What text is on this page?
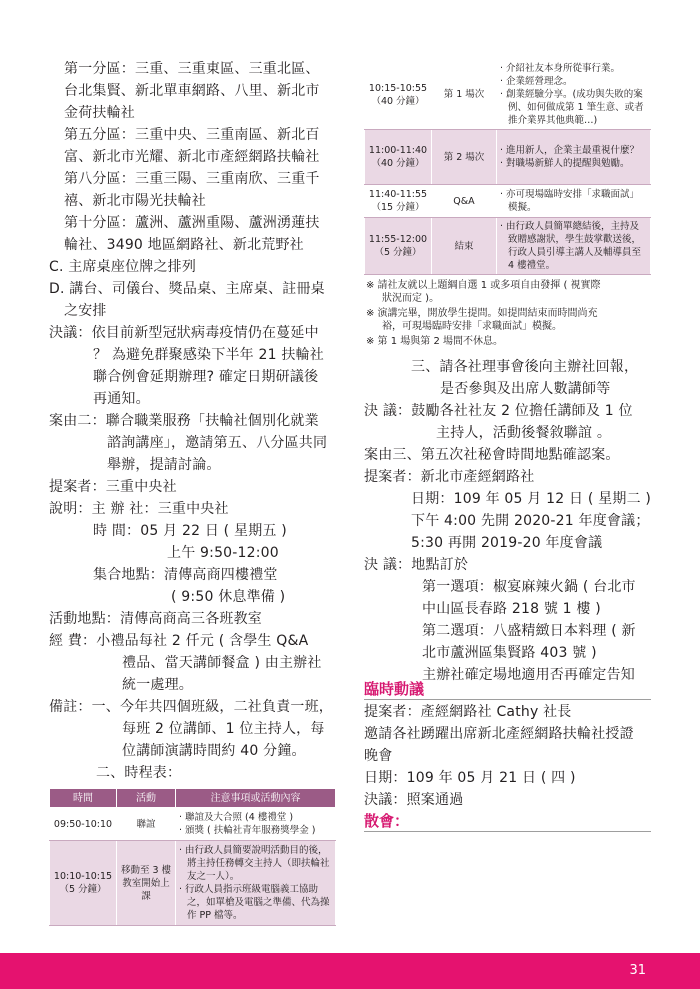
第一分區：三重、三重東區、三重北區、
台北集賢、新北單車網路、八里、新北市
金荷扶輪社
第五分區：三重中央、三重南區、新北百
富、新北市光耀、新北市產經網路扶輪社
第八分區：三重三陽、三重南欣、三重千
禧、新北市陽光扶輪社
第十分區：蘆洲、蘆洲重陽、蘆洲湧蓮扶
輪社、3490 地區網路社、新北荒野社
C. 主席桌座位牌之排列
D. 講台、司儀台、獎品桌、主席桌、註冊桌
之安排
決議：依目前新型冠狀病毒疫情仍在蔓延中
？ 為避免群聚感染下半年 21 扶輪社
聯合例會延期辦理? 確定日期研議後
再通知。
案由二：聯合職業服務「扶輪社個別化就業
諮詢講座」，邀請第五、八分區共同
舉辦，提請討論。
提案者：三重中央社
說明：主 辦 社：三重中央社
時 間：05 月 22 日 ( 星期五 )
上午 9:50-12:00
集合地點：清傳高商四樓禮堂
( 9:50 休息準備 )
活動地點：清傳高商高三各班教室
經 費：小禮品每社 2 仟元 ( 含學生 Q&A
禮品、當天講師餐盒 ) 由主辦社
統一處理。
備註：一、今年共四個班級，二社負責一班，
每班 2 位講師、1 位主持人，每
位講師演講時間約 40 分鐘。
二、時程表：
時間	活動	注意事項或活動內容
09:50-10:10	聯誼	· 聯誼及大合照 (4 樓禮堂 )
· 頒獎 ( 扶輪社青年服務獎學金 )

10:10-10:15
（5 分鐘）	移動至 3 樓
教室開始上課	· 由行政人員簡要說明活動目的後，將主持任務轉交主持人（即扶輪社友之一人）。
· 行政人員指示班級電腦義工協助之，如單槍及電腦之準備、代為操作 PP 檔等。
10:15-10:55
（40 分鐘）	第 1 場次	· 介紹社友本身所從事行業。
· 企業經營理念。
· 創業經驗分享。(成功與失敗的案例、如何做成第 1 筆生意、或者推介業界其他典範…)

11:00-11:40
（40 分鐘）	第 2 場次	· 進用新人，企業主最重視什麼？
· 對職場新鮮人的提醒與勉勵。

11:40-11:55
（15 分鐘）	Q&A	· 亦可現場臨時安排「求職面試」模擬。

11:55-12:00
（5 分鐘）	結束	· 由行政人員簡單總結後，主持及致贈感謝狀，學生鼓掌歡送後，行政人員引導主講人及輔導員至 4 樓禮堂。
※ 請社友就以上題綱自選 1 或多項自由發揮 ( 視實際
狀況而定 )。
※ 演講完畢，開放學生提問。如提問結束而時間尚充
裕，可現場臨時安排「求職面試」模擬。
※ 第 1 場與第 2 場間不休息。
三、請各社理事會後向主辦社回報，
是否參與及出席人數講師等
決 議：鼓勵各社社友 2 位擔任講師及 1 位
主持人，活動後餐敘聯誼 。
案由三、第五次社秘會時間地點確認案。
提案者：新北市產經網路社
日期：109 年 05 月 12 日 ( 星期二 )
下午 4:00 先開 2020-21 年度會議；
5:30 再開 2019-20 年度會議
決 議：地點訂於
第一選項：椒宴麻辣火鍋 ( 台北市
中山區長春路 218 號 1 樓 )
第二選項：八盛精緻日本料理 ( 新
北市蘆洲區集賢路 403 號 )
主辦社確定場地適用否再確定告知
臨時動議
提案者：產經網路社 Cathy 社長
邀請各社踴躍出席新北產經網路扶輪社授證
晚會
日期：109 年 05 月 21 日 ( 四 )
決議：照案通過
散會：
31
